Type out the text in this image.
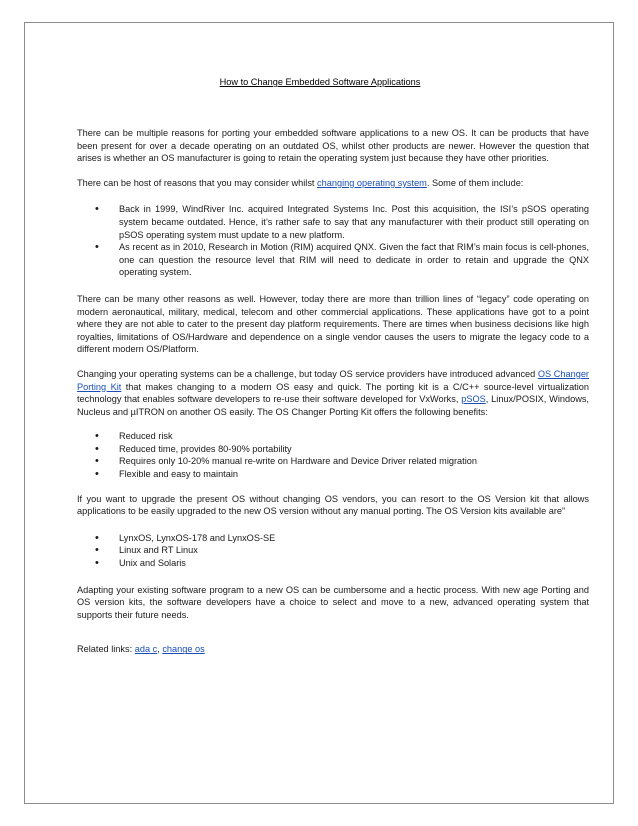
How to Change Embedded Software Applications

There can be multiple reasons for porting your embedded software applications to a new OS. It can be products that have been present for over a decade operating on an outdated OS, whilst other products are newer. However the question that arises is whether an OS manufacturer is going to retain the operating system just because they have other priorities.

There can be host of reasons that you may consider whilst changing operating system. Some of them include:

• Back in 1999, WindRiver Inc. acquired Integrated Systems Inc. Post this acquisition, the ISI’s pSOS operating system became outdated. Hence, it’s rather safe to say that any manufacturer with their product still operating on pSOS operating system must update to a new platform.
• As recent as in 2010, Research in Motion (RIM) acquired QNX. Given the fact that RIM’s main focus is cell-phones, one can question the resource level that RIM will need to dedicate in order to retain and upgrade the QNX operating system.

There can be many other reasons as well. However, today there are more than trillion lines of “legacy” code operating on modern aeronautical, military, medical, telecom and other commercial applications. These applications have got to a point where they are not able to cater to the present day platform requirements. There are times when business decisions like high royalties, limitations of OS/Hardware and dependence on a single vendor causes the users to migrate the legacy code to a different modern OS/Platform.

Changing your operating systems can be a challenge, but today OS service providers have introduced advanced OS Changer Porting Kit that makes changing to a modern OS easy and quick. The porting kit is a C/C++ source-level virtualization technology that enables software developers to re-use their software developed for VxWorks, pSOS, Linux/POSIX, Windows, Nucleus and µITRON on another OS easily. The OS Changer Porting Kit offers the following benefits:

• Reduced risk
• Reduced time, provides 80-90% portability
• Requires only 10-20% manual re-write on Hardware and Device Driver related migration
• Flexible and easy to maintain

If you want to upgrade the present OS without changing OS vendors, you can resort to the OS Version kit that allows applications to be easily upgraded to the new OS version without any manual porting. The OS Version kits available are”

• LynxOS, LynxOS-178 and LynxOS-SE
• Linux and RT Linux
• Unix and Solaris

Adapting your existing software program to a new OS can be cumbersome and a hectic process. With new age Porting and OS version kits, the software developers have a choice to select and move to a new, advanced operating system that supports their future needs.

Related links: ada c, change os
